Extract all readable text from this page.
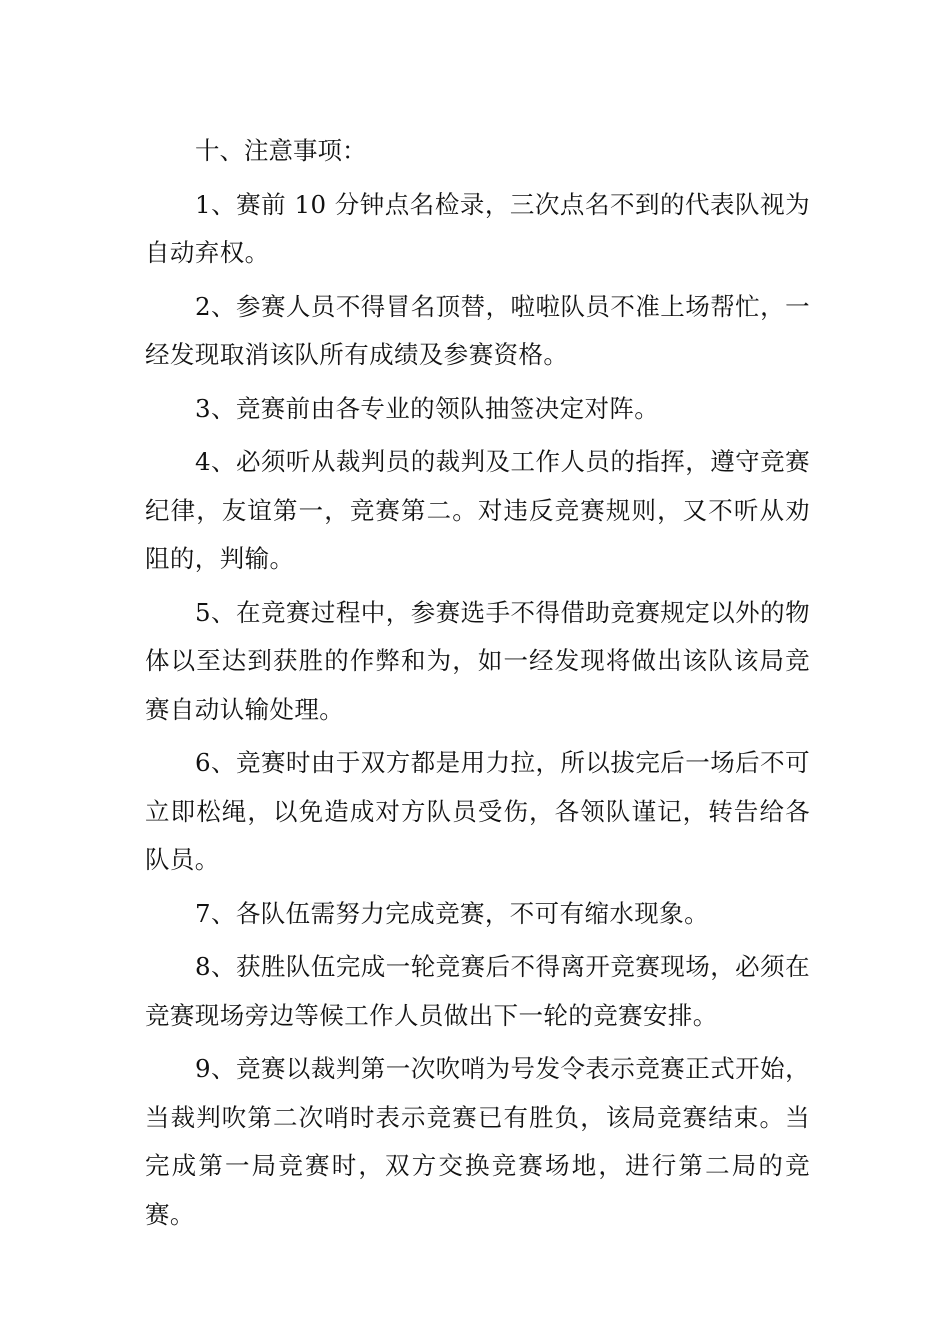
十、注意事项：

1、赛前 10 分钟点名检录，三次点名不到的代表队视为自动弃权。

2、参赛人员不得冒名顶替，啦啦队员不准上场帮忙，一经发现取消该队所有成绩及参赛资格。

3、竞赛前由各专业的领队抽签决定对阵。

4、必须听从裁判员的裁判及工作人员的指挥，遵守竞赛纪律，友谊第一，竞赛第二。对违反竞赛规则，又不听从劝阻的，判输。

5、在竞赛过程中，参赛选手不得借助竞赛规定以外的物体以至达到获胜的作弊和为，如一经发现将做出该队该局竞赛自动认输处理。

6、竞赛时由于双方都是用力拉，所以拔完后一场后不可立即松绳，以免造成对方队员受伤，各领队谨记，转告给各队员。

7、各队伍需努力完成竞赛，不可有缩水现象。

8、获胜队伍完成一轮竞赛后不得离开竞赛现场，必须在竞赛现场旁边等候工作人员做出下一轮的竞赛安排。

9、竞赛以裁判第一次吹哨为号发令表示竞赛正式开始，当裁判吹第二次哨时表示竞赛已有胜负，该局竞赛结束。当完成第一局竞赛时，双方交换竞赛场地，进行第二局的竞赛。
